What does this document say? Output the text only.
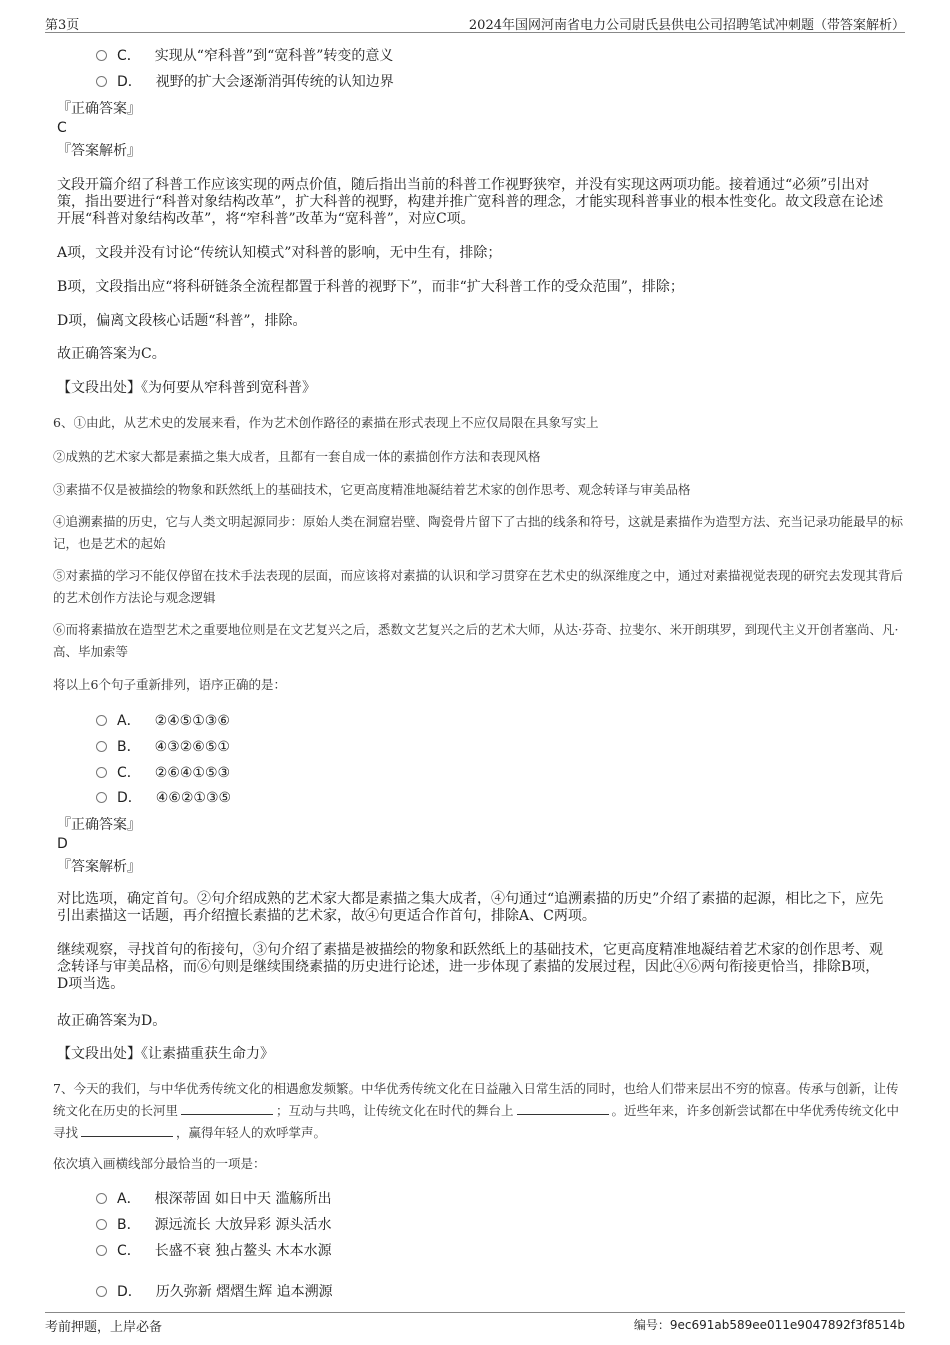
第3页	2024年国网河南省电力公司尉氏县供电公司招聘笔试冲刺题（带答案解析）
C． 实现从“窄科普”到“宽科普”转变的意义
D． 视野的扩大会逐渐消弭传统的认知边界
『正确答案』
C
『答案解析』
文段开篇介绍了科普工作应该实现的两点价值，随后指出当前的科普工作视野狭窄，并没有实现这两项功能。接着通过“必须”引出对策，指出要进行“科普对象结构改革”，扩大科普的视野，构建并推广宽科普的理念，才能实现科普事业的根本性变化。故文段意在论述开展“科普对象结构改革”，将“窄科普”改革为“宽科普”，对应C项。
A项，文段并没有讨论“传统认知模式”对科普的影响，无中生有，排除；
B项，文段指出应“将科研链条全流程都置于科普的视野下”，而非“扩大科普工作的受众范围”，排除；
D项，偏离文段核心话题“科普”，排除。
故正确答案为C。
【文段出处】《为何要从窄科普到宽科普》
6、①由此，从艺术史的发展来看，作为艺术创作路径的素描在形式表现上不应仅局限在具象写实上
②成熟的艺术家大都是素描之集大成者，且都有一套自成一体的素描创作方法和表现风格
③素描不仅是被描绘的物象和跃然纸上的基础技术，它更高度精准地凝结着艺术家的创作思考、观念转译与审美品格
④追溯素描的历史，它与人类文明起源同步：原始人类在洞窟岩壁、陶瓷骨片留下了古拙的线条和符号，这就是素描作为造型方法、充当记录功能最早的标记，也是艺术的起始
⑤对素描的学习不能仅停留在技术手法表现的层面，而应该将对素描的认识和学习贯穿在艺术史的纵深维度之中，通过对素描视觉表现的研究去发现其背后的艺术创作方法论与观念逻辑
⑥而将素描放在造型艺术之重要地位则是在文艺复兴之后，悉数文艺复兴之后的艺术大师，从达·芬奇、拉斐尔、米开朗琪罗，到现代主义开创者塞尚、凡·高、毕加索等
将以上6个句子重新排列，语序正确的是：
A． ②④⑤①③⑥
B． ④③②⑥⑤①
C． ②⑥④①⑤③
D． ④⑥②①③⑤
『正确答案』
D
『答案解析』
对比选项，确定首句。②句介绍成熟的艺术家大都是素描之集大成者，④句通过“追溯素描的历史”介绍了素描的起源，相比之下，应先引出素描这一话题，再介绍擅长素描的艺术家，故④句更适合作首句，排除A、C两项。
继续观察，寻找首句的衔接句，③句介绍了素描是被描绘的物象和跃然纸上的基础技术，它更高度精准地凝结着艺术家的创作思考、观念转译与审美品格，而⑥句则是继续围绕素描的历史进行论述，进一步体现了素描的发展过程，因此④⑥两句衔接更恰当，排除B项，D项当选。
故正确答案为D。
【文段出处】《让素描重获生命力》
7、今天的我们，与中华优秀传统文化的相遇愈发频繁。中华优秀传统文化在日益融入日常生活的同时，也给人们带来层出不穷的惊喜。传承与创新，让传统文化在历史的长河里	；互动与共鸣，让传统文化在时代的舞台上	。近些年来，许多创新尝试都在中华优秀传统文化中寻找	，赢得年轻人的欢呼掌声。
依次填入画横线部分最恰当的一项是：
A． 根深蒂固 如日中天 滥觞所出
B． 源远流长 大放异彩 源头活水
C． 长盛不衰 独占鳌头 木本水源
D． 历久弥新 熠熠生辉 追本溯源
考前押题，上岸必备	编号：9ec691ab589ee011e9047892f3f8514b
